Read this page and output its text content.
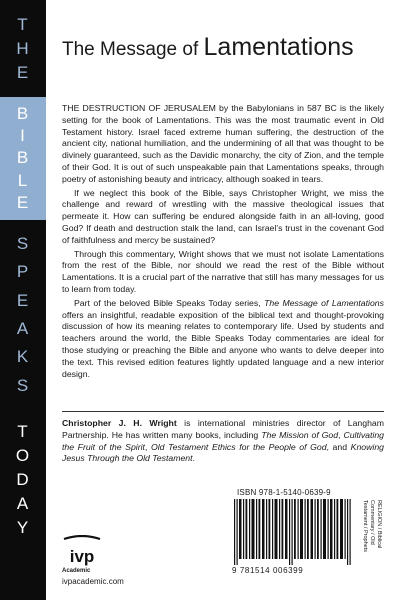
T
H
E
B
I
B
L
E
S
P
E
A
K
S
T
O
D
A
Y
The Message of Lamentations

THE DESTRUCTION OF JERUSALEM by the Babylonians in 587 BC is the likely setting for the book of Lamentations. This was the most traumatic event in Old Testament history. Israel faced extreme human suffering, the destruction of the ancient city, national humiliation, and the undermining of all that was thought to be divinely guaranteed, such as the Davidic monarchy, the city of Zion, and the temple of their God. It is out of such unspeakable pain that Lamentations speaks, through poetry of astonishing beauty and intricacy, although soaked in tears.

If we neglect this book of the Bible, says Christopher Wright, we miss the challenge and reward of wrestling with the massive theological issues that permeate it. How can suffering be endured alongside faith in an all-loving, good God? If death and destruction stalk the land, can Israel’s trust in the covenant God of faithfulness and mercy be sustained?

Through this commentary, Wright shows that we must not isolate Lamentations from the rest of the Bible, nor should we read the rest of the Bible without Lamentations. It is a crucial part of the narrative that still has many messages for us to learn from today.

Part of the beloved Bible Speaks Today series, The Message of Lamentations offers an insightful, readable exposition of the biblical text and thought-provoking discussion of how its meaning relates to contemporary life. Used by students and teachers around the world, the Bible Speaks Today commentaries are ideal for those studying or preaching the Bible and anyone who wants to delve deeper into the text. This revised edition features lightly updated language and a new interior design.

Christopher J. H. Wright is international ministries director of Langham Partnership. He has written many books, including The Mission of God, Cultivating the Fruit of the Spirit, Old Testament Ethics for the People of God, and Knowing Jesus Through the Old Testament.
ISBN 978-1-5140-0639-9
9 781514 006399
RELIGION / Biblical Commentary / Old Testament / Prophets
ivp
Academic
ivpacademic.com
